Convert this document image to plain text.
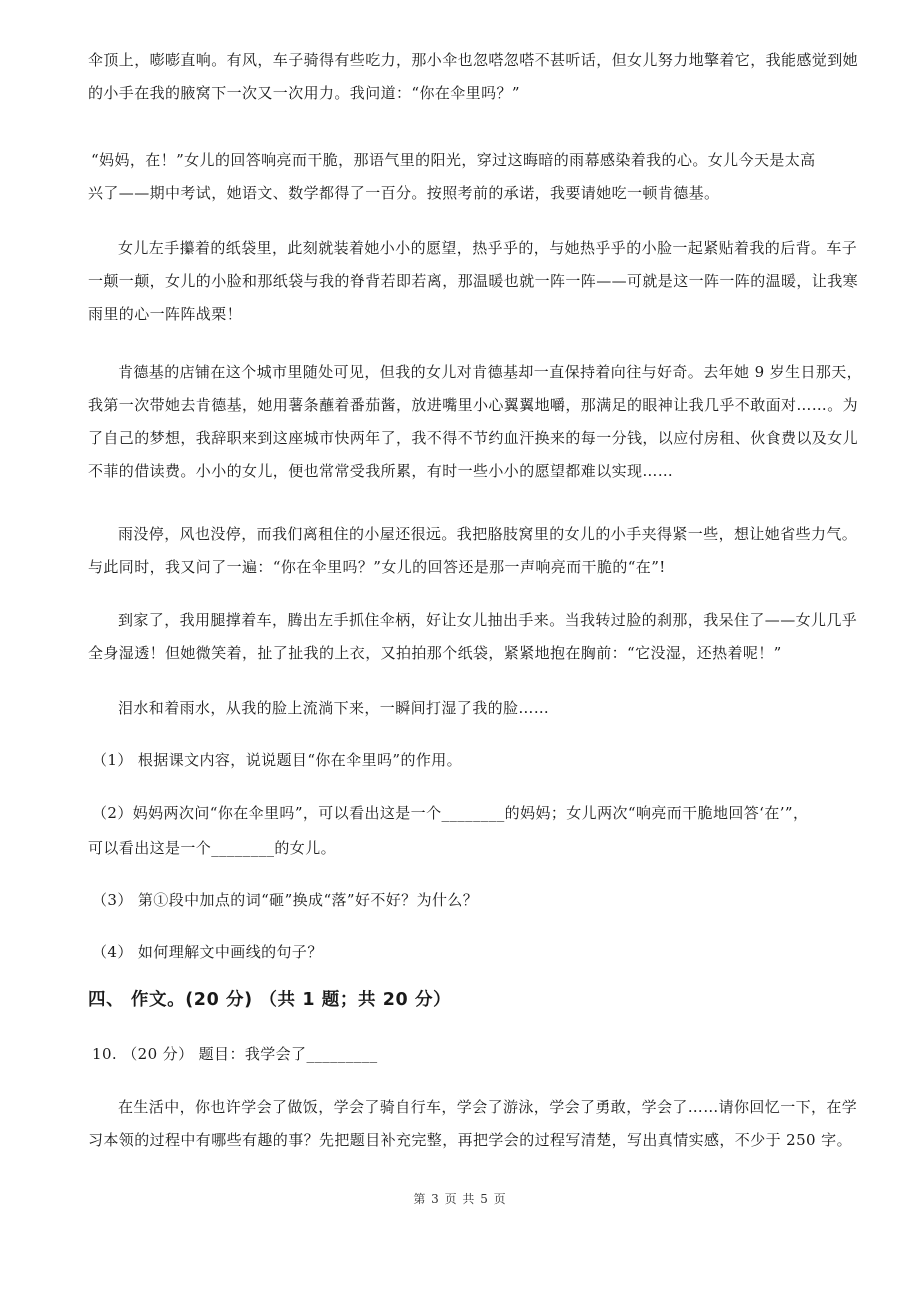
伞顶上，嘭嘭直响。有风，车子骑得有些吃力，那小伞也忽嗒忽嗒不甚听话，但女儿努力地擎着它，我能感觉到她
的小手在我的腋窝下一次又一次用力。我问道：“你在伞里吗？”
“妈妈，在！”女儿的回答响亮而干脆，那语气里的阳光，穿过这晦暗的雨幕感染着我的心。女儿今天是太高
兴了——期中考试，她语文、数学都得了一百分。按照考前的承诺，我要请她吃一顿肯德基。
女儿左手攥着的纸袋里，此刻就装着她小小的愿望，热乎乎的，与她热乎乎的小脸一起紧贴着我的后背。车子
一颠一颠，女儿的小脸和那纸袋与我的脊背若即若离，那温暖也就一阵一阵——可就是这一阵一阵的温暖，让我寒
雨里的心一阵阵战栗！
肯德基的店铺在这个城市里随处可见，但我的女儿对肯德基却一直保持着向往与好奇。去年她 9 岁生日那天，
我第一次带她去肯德基，她用薯条蘸着番茄酱，放进嘴里小心翼翼地嚼，那满足的眼神让我几乎不敢面对……。为
了自己的梦想，我辞职来到这座城市快两年了，我不得不节约血汗换来的每一分钱，以应付房租、伙食费以及女儿
不菲的借读费。小小的女儿，便也常常受我所累，有时一些小小的愿望都难以实现……
雨没停，风也没停，而我们离租住的小屋还很远。我把胳肢窝里的女儿的小手夹得紧一些，想让她省些力气。
与此同时，我又问了一遍：“你在伞里吗？”女儿的回答还是那一声响亮而干脆的“在”!
到家了，我用腿撑着车，腾出左手抓住伞柄，好让女儿抽出手来。当我转过脸的刹那，我呆住了——女儿几乎
全身湿透！但她微笑着，扯了扯我的上衣，又拍拍那个纸袋，紧紧地抱在胸前：“它没湿，还热着呢！”
泪水和着雨水，从我的脸上流淌下来，一瞬间打湿了我的脸……
（1） 根据课文内容，说说题目“你在伞里吗”的作用。
（2）妈妈两次问“你在伞里吗”，可以看出这是一个________的妈妈；女儿两次“响亮而干脆地回答‘在’”，
可以看出这是一个________的女儿。
（3） 第①段中加点的词“砸”换成“落”好不好？为什么？
（4） 如何理解文中画线的句子？
四、 作文。(20 分) （共 1 题；共 20 分）
10. （20 分） 题目：我学会了_________
在生活中，你也许学会了做饭，学会了骑自行车，学会了游泳，学会了勇敢，学会了……请你回忆一下，在学
习本领的过程中有哪些有趣的事？先把题目补充完整，再把学会的过程写清楚，写出真情实感，不少于 250 字。
第 3 页 共 5 页
